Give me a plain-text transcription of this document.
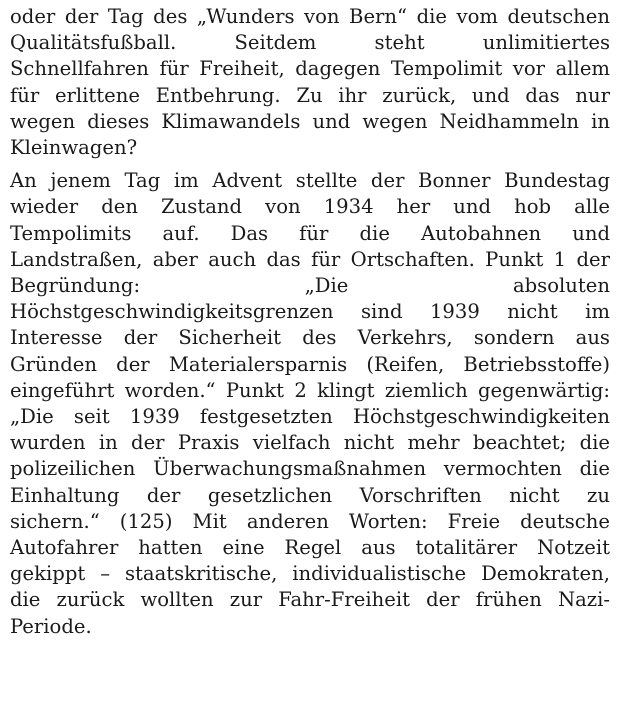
oder der Tag des „Wunders von Bern“ die vom deutschen
Qualitätsfußball. Seitdem steht unlimitiertes
Schnellfahren für Freiheit, dagegen Tempolimit vor allem
für erlittene Entbehrung. Zu ihr zurück, und das nur
wegen dieses Klimawandels und wegen Neidhammeln in
Kleinwagen?
An jenem Tag im Advent stellte der Bonner Bundestag
wieder den Zustand von 1934 her und hob alle
Tempolimits auf. Das für die Autobahnen und
Landstraßen, aber auch das für Ortschaften. Punkt 1 der
Begründung: „Die absoluten
Höchstgeschwindigkeitsgrenzen sind 1939 nicht im
Interesse der Sicherheit des Verkehrs, sondern aus
Gründen der Materialersparnis (Reifen, Betriebsstoffe)
eingeführt worden.“ Punkt 2 klingt ziemlich gegenwärtig:
„Die seit 1939 festgesetzten Höchstgeschwindigkeiten
wurden in der Praxis vielfach nicht mehr beachtet; die
polizeilichen Überwachungsmaßnahmen vermochten die
Einhaltung der gesetzlichen Vorschriften nicht zu
sichern.“ (125) Mit anderen Worten: Freie deutsche
Autofahrer hatten eine Regel aus totalitärer Notzeit
gekippt – staatskritische, individualistische Demokraten,
die zurück wollten zur Fahr-Freiheit der frühen Nazi-
Periode.
